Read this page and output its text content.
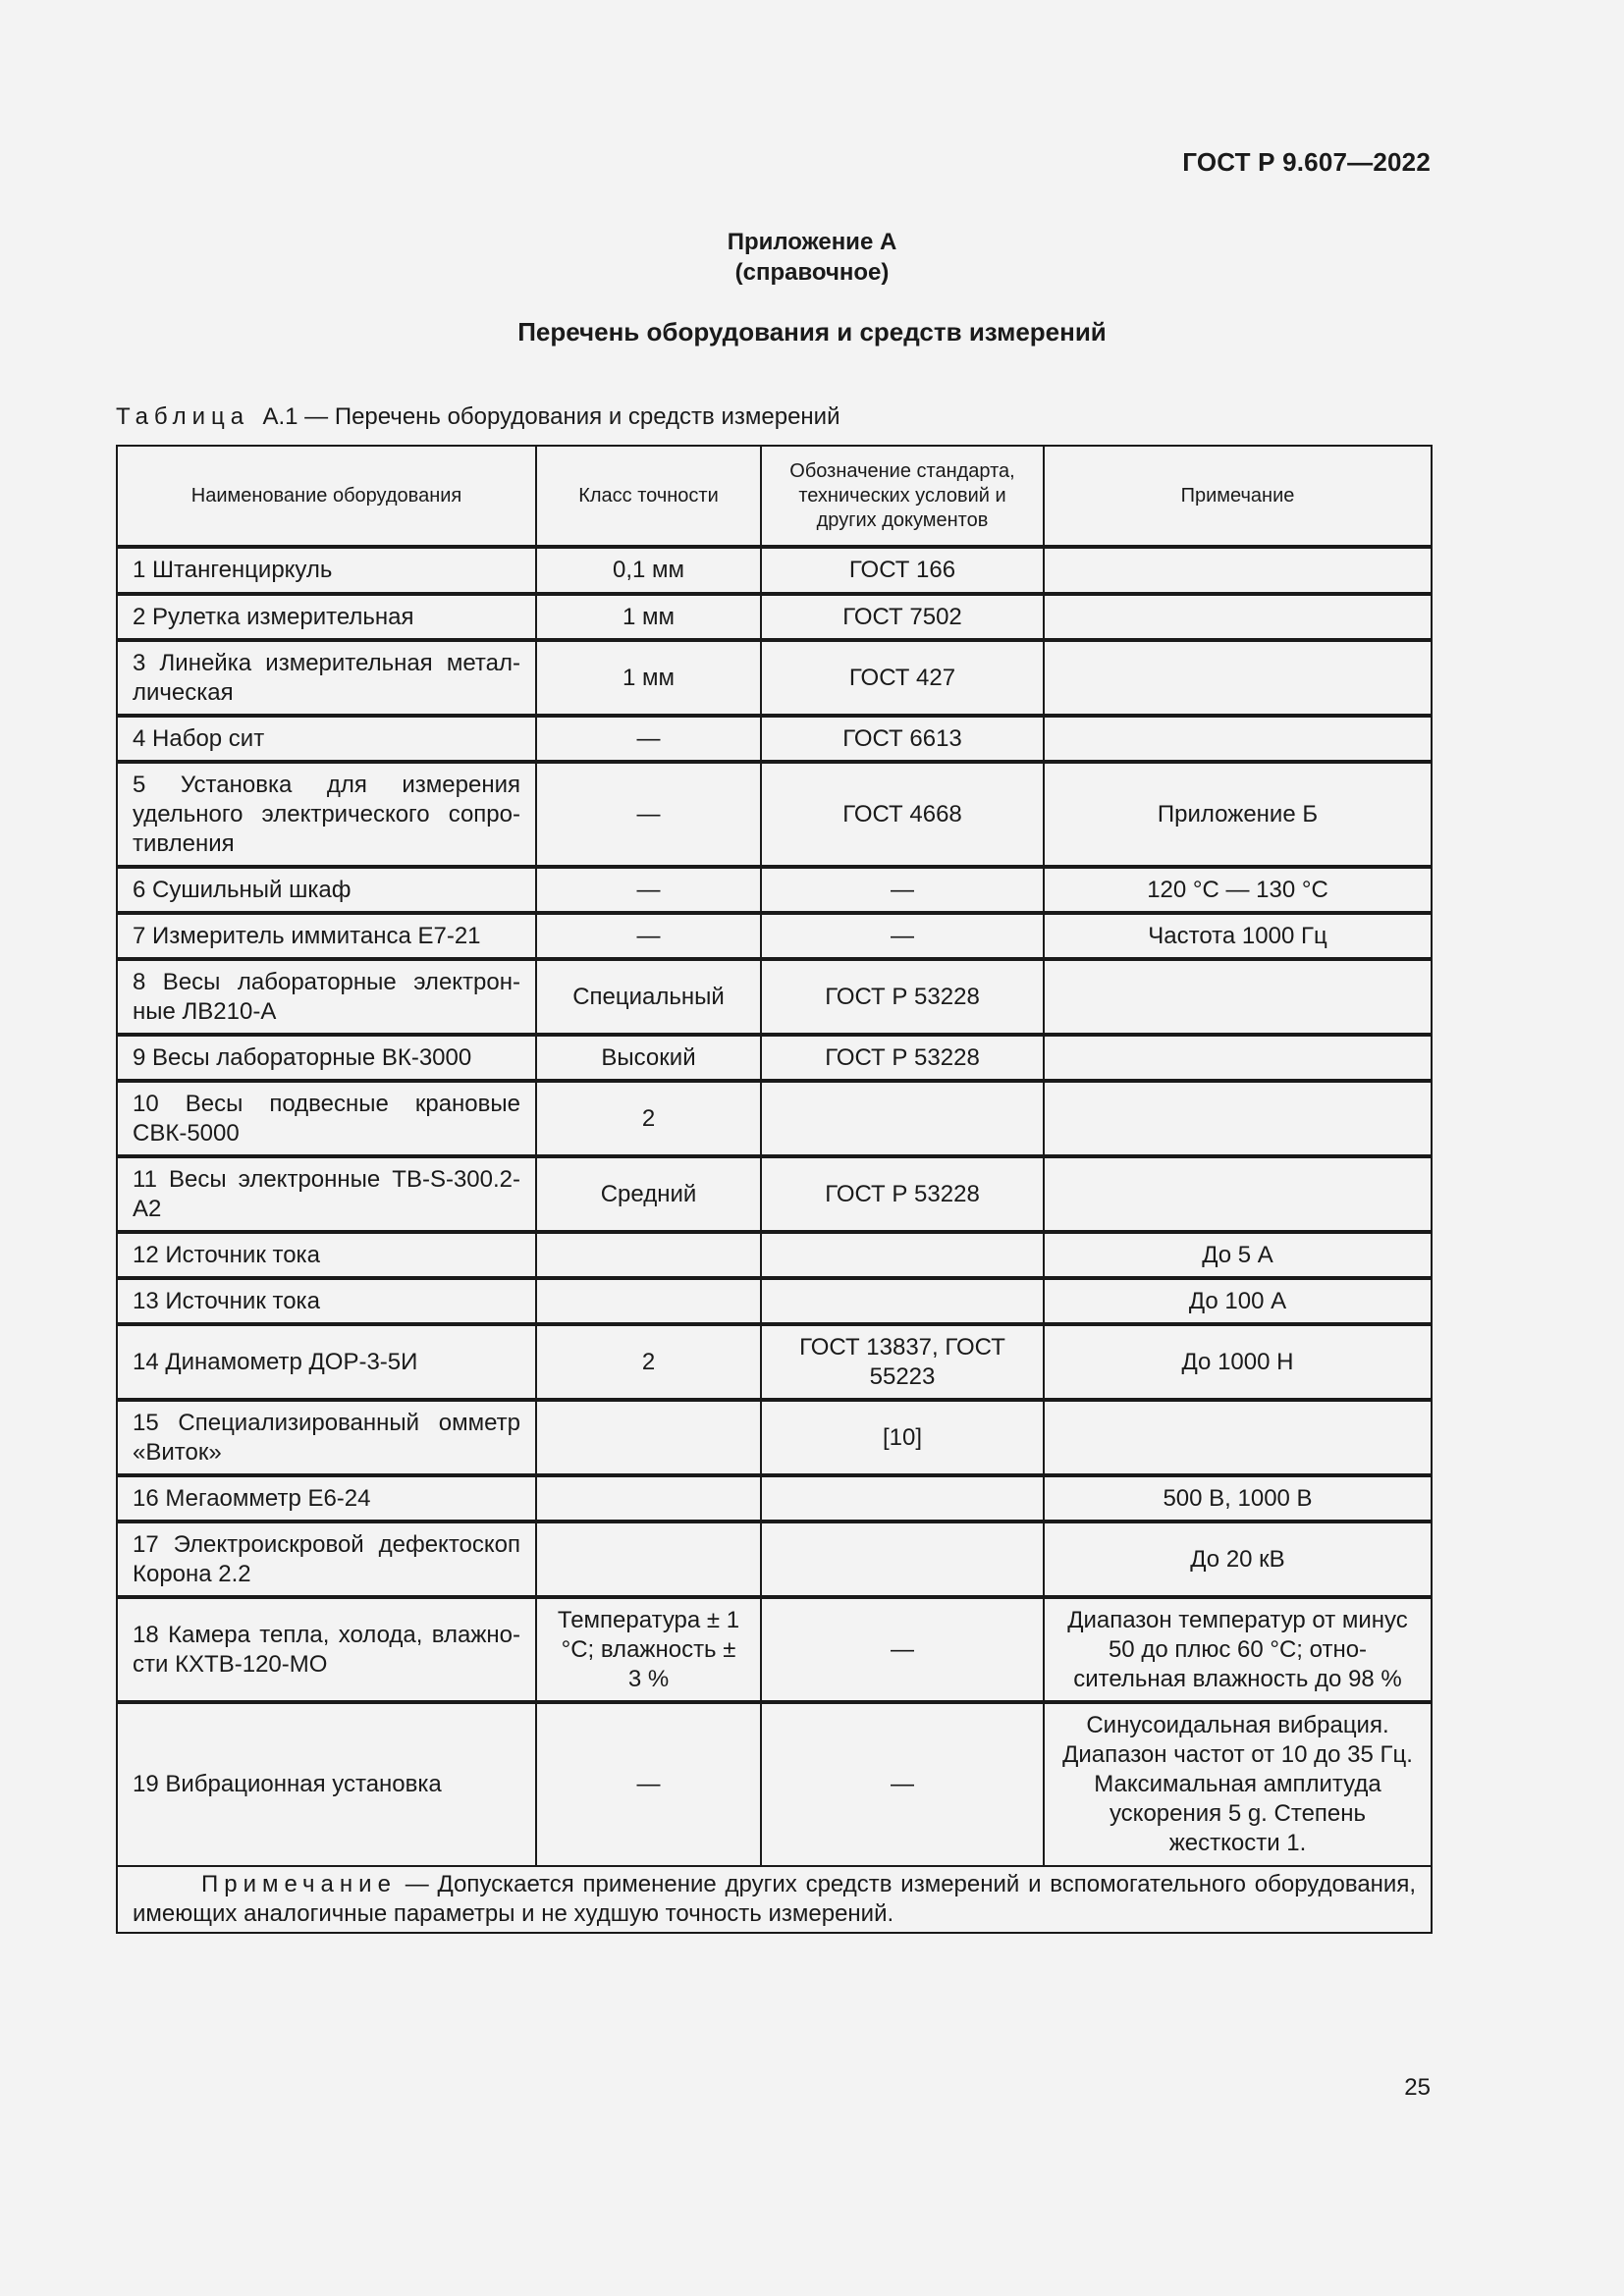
ГОСТ Р 9.607—2022
Приложение А
(справочное)
Перечень оборудования и средств измерений
Таблица А.1 — Перечень оборудования и средств измерений
Наименование оборудования	Класс точности	Обозначение стандарта, технических условий и других документов	Примечание
1 Штангенциркуль	0,1 мм	ГОСТ 166	
2 Рулетка измерительная	1 мм	ГОСТ 7502	
3 Линейка измерительная металлическая	1 мм	ГОСТ 427	
4 Набор сит	—	ГОСТ 6613	
5 Установка для измерения удельного электрического сопротивления	—	ГОСТ 4668	Приложение Б
6 Сушильный шкаф	—	—	120 °С — 130 °С
7 Измеритель иммитанса Е7-21	—	—	Частота 1000 Гц
8 Весы лабораторные электронные ЛВ210-А	Специальный	ГОСТ Р 53228	
9 Весы лабораторные ВК-3000	Высокий	ГОСТ Р 53228	
10 Весы подвесные крановые СВК-5000	2		
11 Весы электронные ТВ-S-300.2-А2	Средний	ГОСТ Р 53228	
12 Источник тока			До 5 А
13 Источник тока			До 100 А
14 Динамометр ДОР-3-5И	2	ГОСТ 13837, ГОСТ 55223	До 1000 Н
15 Специализированный омметр «Виток»		[10]	
16 Мегаомметр Е6-24			500 В, 1000 В
17 Электроискровой дефектоскоп Корона 2.2			До 20 кВ
18 Камера тепла, холода, влажности КХТВ-120-МО	Температура ± 1 °С; влажность ± 3 %	—	Диапазон температур от минус 50 до плюс 60 °С; относительная влажность до 98 %
19 Вибрационная установка	—	—	Синусоидальная вибрация. Диапазон частот от 10 до 35 Гц. Максимальная амплитуда ускорения 5 g. Степень жесткости 1.
Примечание — Допускается применение других средств измерений и вспомогательного оборудования, имеющих аналогичные параметры и не худшую точность измерений.			
25
